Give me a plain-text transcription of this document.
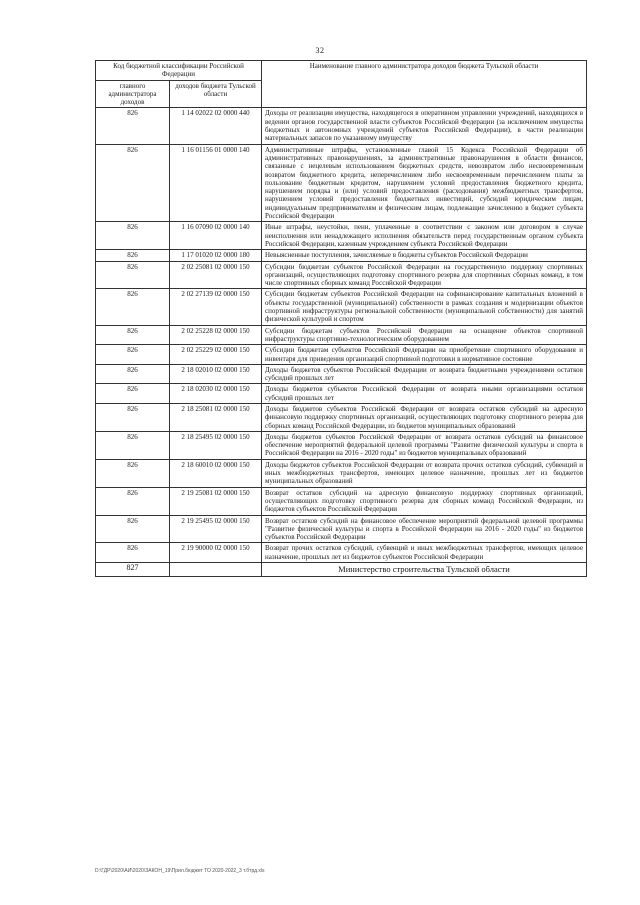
32
Код бюджетной классификации Российской Федерации		Наименование главного администратора доходов бюджета Тульской области
главного администратора доходов	доходов бюджета Тульской области	
826	1 14 02022 02 0000 440	Доходы от реализации имущества, находящегося в оперативном управлении учреждений, находящихся в ведении органов государственной власти субъектов Российской Федерации (за исключением имущества бюджетных и автономных учреждений субъектов Российской Федерации), в части реализации материальных запасов по указанному имуществу
826	1 16 01156 01 0000 140	Административные штрафы, установленные главой 15 Кодекса Российской Федерации об административных правонарушениях, за административные правонарушения в области финансов, связанные с нецелевым использованием бюджетных средств, невозвратом либо несвоевременным возвратом бюджетного кредита, неперечислением либо несвоевременным перечислением платы за пользование бюджетным кредитом, нарушением условий предоставления бюджетного кредита, нарушением порядка и (или) условий предоставления (расходования) межбюджетных трансфертов, нарушением условий предоставления бюджетных инвестиций, субсидий юридическим лицам, индивидуальным предпринимателям и физическим лицам, подлежащие зачислению в бюджет субъекта Российской Федерации
826	1 16 07090 02 0000 140	Иные штрафы, неустойки, пени, уплаченные в соответствии с законом или договором в случае неисполнения или ненадлежащего исполнения обязательств перед государственным органом субъекта Российской Федерации, казенным учреждением субъекта Российской Федерации
826	1 17 01020 02 0000 180	Невыясненные поступления, зачисляемые в бюджеты субъектов Российской Федерации
826	2 02 25081 02 0000 150	Субсидии бюджетам субъектов Российской Федерации на государственную поддержку спортивных организаций, осуществляющих подготовку спортивного резерва для спортивных сборных команд, в том числе спортивных сборных команд Российской Федерации
826	2 02 27139 02 0000 150	Субсидии бюджетам субъектов Российской Федерации на софинансирование капитальных вложений в объекты государственной (муниципальной) собственности в рамках создания и модернизации объектов спортивной инфраструктуры региональной собственности (муниципальной собственности) для занятий физической культурой и спортом
826	2 02 25228 02 0000 150	Субсидии бюджетам субъектов Российской Федерации на оснащение объектов спортивной инфраструктуры спортивно-технологическим оборудованием
826	2 02 25229 02 0000 150	Субсидии бюджетам субъектов Российской Федерации на приобретение спортивного оборудования и инвентаря для приведения организаций спортивной подготовки в нормативное состояние
826	2 18 02010 02 0000 150	Доходы бюджетов субъектов Российской Федерации от возврата бюджетными учреждениями остатков субсидий прошлых лет
826	2 18 02030 02 0000 150	Доходы бюджетов субъектов Российской Федерации от возврата иными организациями остатков субсидий прошлых лет
826	2 18 25081 02 0000 150	Доходы бюджетов субъектов Российской Федерации от возврата остатков субсидий на адресную финансовую поддержку спортивных организаций, осуществляющих подготовку спортивного резерва для сборных команд Российской Федерации, из бюджетов муниципальных образований
826	2 18 25495 02 0000 150	Доходы бюджетов субъектов Российской Федерации от возврата остатков субсидий на финансовое обеспечение мероприятий федеральной целевой программы "Развитие физической культуры и спорта в Российской Федерации на 2016 - 2020 годы" из бюджетов муниципальных образований
826	2 18 60010 02 0000 150	Доходы бюджетов субъектов Российской Федерации от возврата прочих остатков субсидий, субвенций и иных межбюджетных трансфертов, имеющих целевое назначение, прошлых лет из бюджетов муниципальных образований
826	2 19 25081 02 0000 150	Возврат остатков субсидий на адресную финансовую поддержку спортивных организаций, осуществляющих подготовку спортивного резерва для сборных команд Российской Федерации, из бюджетов субъектов Российской Федерации
826	2 19 25495 02 0000 150	Возврат остатков субсидий на финансовое обеспечение мероприятий федеральной целевой программы "Развитие физической культуры и спорта в Российской Федерации на 2016 - 2020 годы" из бюджетов субъектов Российской Федерации
826	2 19 90000 02 0000 150	Возврат прочих остатков субсидий, субвенций и иных межбюджетных трансфертов, имеющих целевое назначение, прошлых лет из бюджетов субъектов Российской Федерации
827		Министерство строительства Тульской области
D:\ГДР\2020\АИ\2020\ЗАКОН_19\Прил.бюджет ТО 2020-2022_3 т.бтрд.xls
